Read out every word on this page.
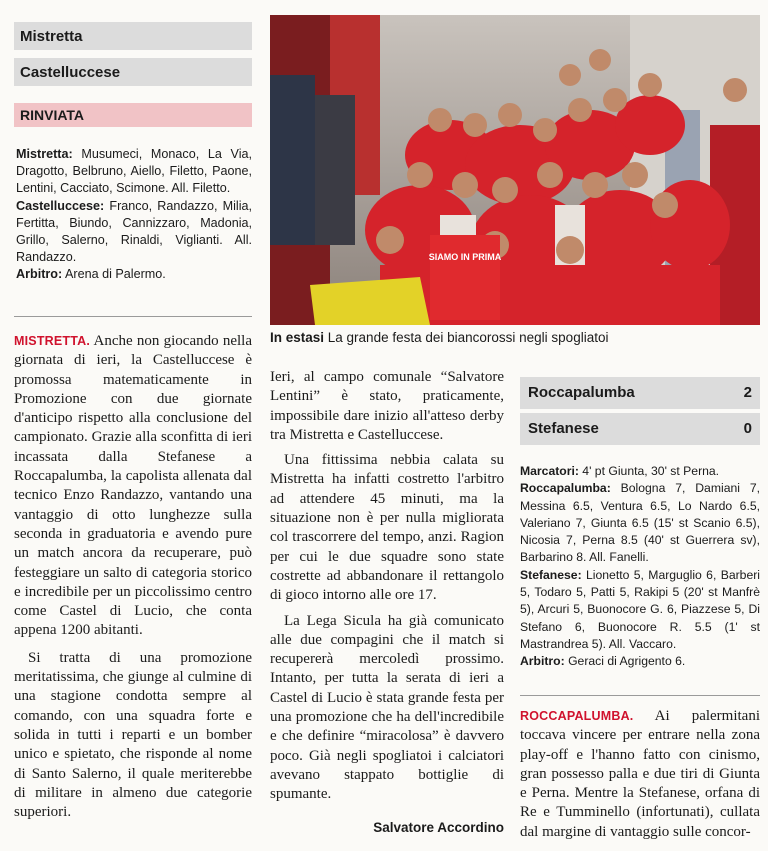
Mistretta
Castelluccese
RINVIATA

Mistretta: Musumeci, Monaco, La Via, Dragotto, Belbruno, Aiello, Filetto, Paone, Lentini, Cacciato, Scimone. All. Filetto.

Castelluccese: Franco, Randazzo, Milia, Fertitta, Biundo, Cannizzaro, Madonia, Grillo, Salerno, Rinaldi, Viglianti. All. Randazzo.

Arbitro: Arena di Palermo.

SIAMO IN PRIMA
In estasi La grande festa dei biancorossi negli spogliatoi

MISTRETTA. Anche non giocando nella giornata di ieri, la Castelluccese è promossa matematicamente in Promozione con due giornate d'anticipo rispetto alla conclusione del campionato. Grazie alla sconfitta di ieri incassata dalla Stefanese a Roccapalumba, la capolista allenata dal tecnico Enzo Randazzo, vantando una vantaggio di otto lunghezze sulla seconda in graduatoria e avendo pure un match ancora da recuperare, può festeggiare un salto di categoria storico e incredibile per un piccolissimo centro come Castel di Lucio, che conta appena 1200 abitanti.

Si tratta di una promozione meritatissima, che giunge al culmine di una stagione condotta sempre al comando, con una squadra forte e solida in tutti i reparti e un bomber unico e spietato, che risponde al nome di Santo Salerno, il quale meriterebbe di militare in almeno due categorie superiori.

Ieri, al campo comunale “Salvatore Lentini” è stato, praticamente, impossibile dare inizio all'atteso derby tra Mistretta e Castelluccese.

Una fittissima nebbia calata su Mistretta ha infatti costretto l'arbitro ad attendere 45 minuti, ma la situazione non è per nulla migliorata col trascorrere del tempo, anzi. Ragion per cui le due squadre sono state costrette ad abbandonare il rettangolo di gioco intorno alle ore 17.

La Lega Sicula ha già comunicato alle due compagini che il match si recupererà mercoledì prossimo. Intanto, per tutta la serata di ieri a Castel di Lucio è stata grande festa per una promozione che ha dell'incredibile e che definire “miracolosa” è davvero poco. Già negli spogliatoi i calciatori avevano stappato bottiglie di spumante.

Salvatore Accordino
Roccapalumba	2
Stefanese	0

Marcatori: 4' pt Giunta, 30' st Perna.

Roccapalumba: Bologna 7, Damiani 7, Messina 6.5, Ventura 6.5, Lo Nardo 6.5, Valeriano 7, Giunta 6.5 (15' st Scanio 6.5), Nicosia 7, Perna 8.5 (40' st Guerrera sv), Barbarino 8. All. Fanelli.

Stefanese: Lionetto 5, Marguglio 6, Barberi 5, Todaro 5, Patti 5, Rakipi 5 (20' st Manfrè 5), Arcuri 5, Buonocore G. 6, Piazzese 5, Di Stefano 6, Buonocore R. 5.5 (1' st Mastrandrea 5). All. Vaccaro.

Arbitro: Geraci di Agrigento 6.

ROCCAPALUMBA. Ai palermitani toccava vincere per entrare nella zona play-off e l'hanno fatto con cinismo, gran possesso palla e due tiri di Giunta e Perna. Mentre la Stefanese, orfana di Re e Tumminello (infortunati), cullata dal margine di vantaggio sulle concor-
